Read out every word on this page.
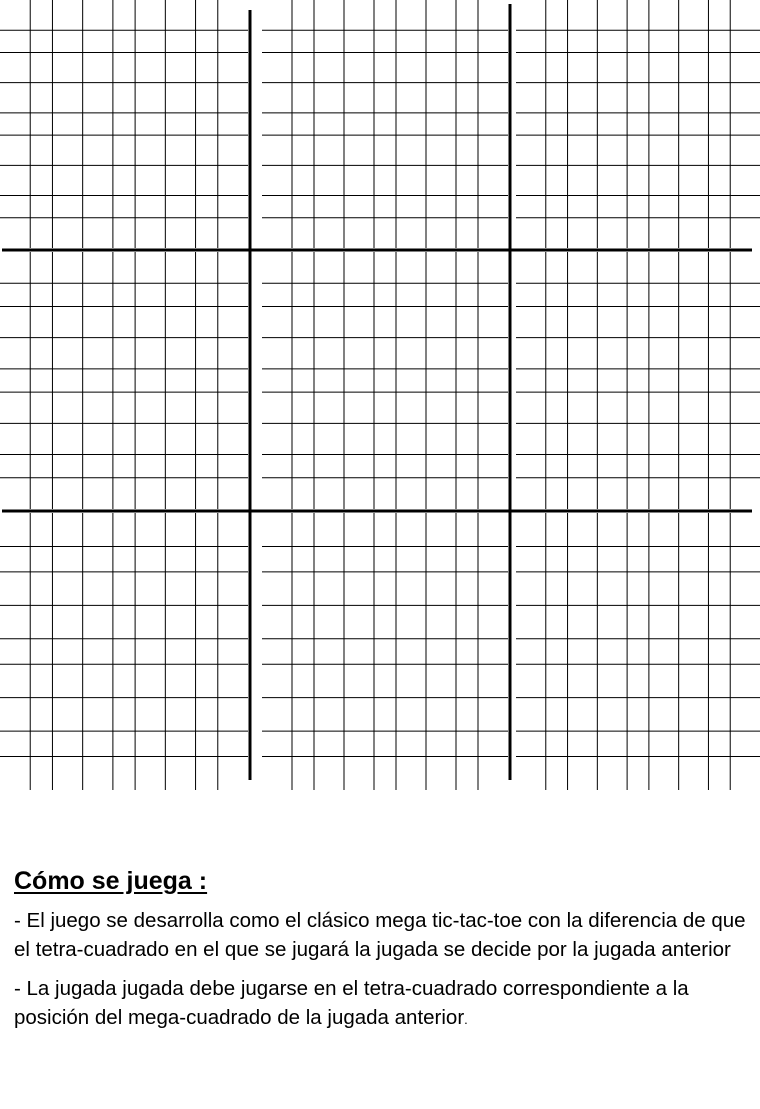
Cómo se juega :
- El juego se desarrolla como el clásico mega tic-tac-toe con la diferencia de que el tetra-cuadrado en el que se jugará la jugada se decide por la jugada anterior
- La jugada jugada debe jugarse en el tetra-cuadrado correspondiente a la posición del mega-cuadrado de la jugada anterior.
